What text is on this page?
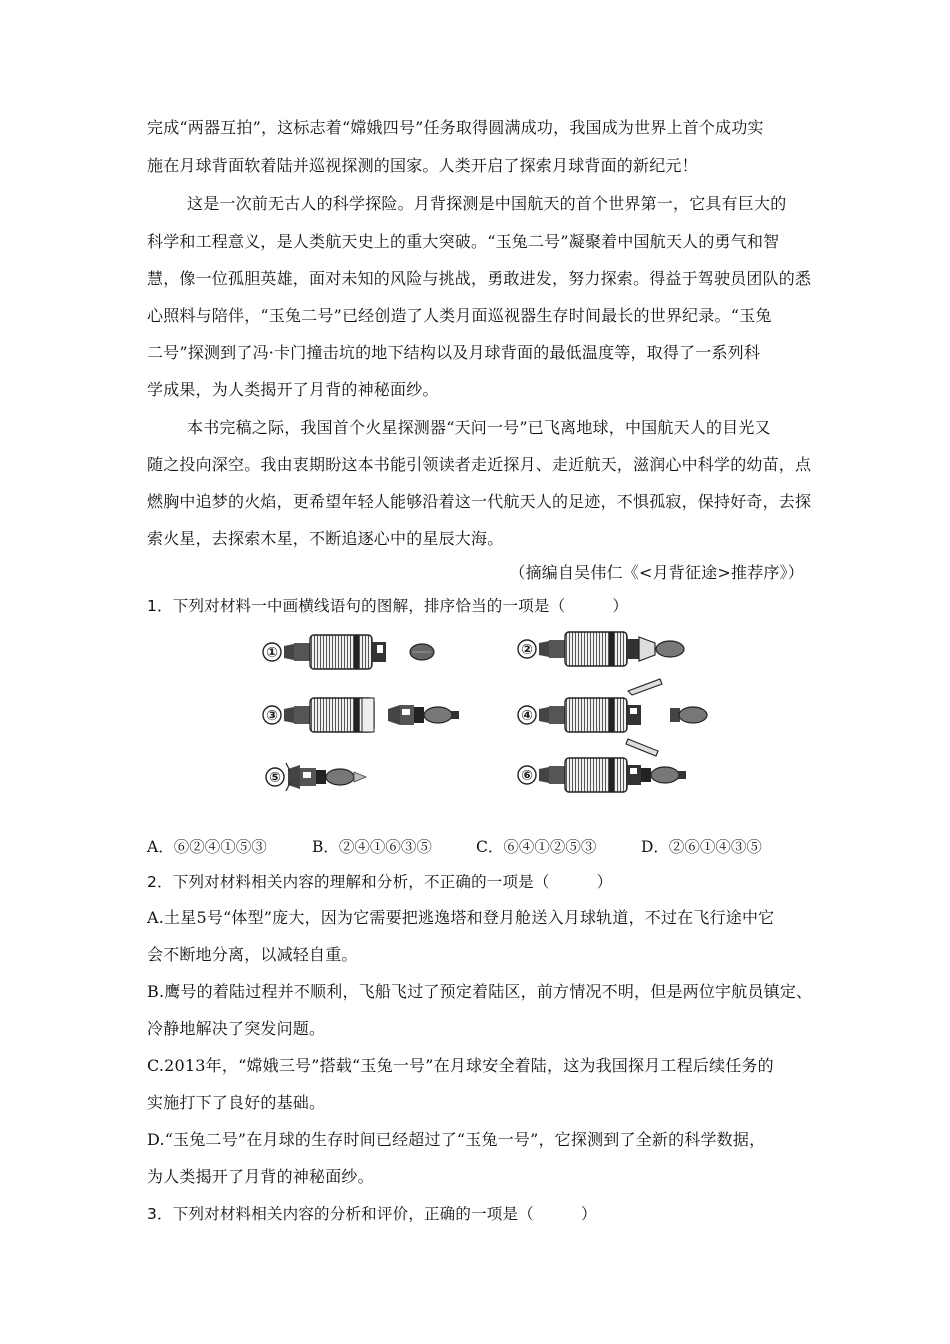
完成“两器互拍”，这标志着“嫦娥四号”任务取得圆满成功，我国成为世界上首个成功实
施在月球背面软着陆并巡视探测的国家。人类开启了探索月球背面的新纪元！
这是一次前无古人的科学探险。月背探测是中国航天的首个世界第一，它具有巨大的
科学和工程意义，是人类航天史上的重大突破。“玉兔二号”凝聚着中国航天人的勇气和智
慧，像一位孤胆英雄，面对未知的风险与挑战，勇敢进发，努力探索。得益于驾驶员团队的悉
心照料与陪伴，“玉兔二号”已经创造了人类月面巡视器生存时间最长的世界纪录。“玉兔
二号”探测到了冯·卡门撞击坑的地下结构以及月球背面的最低温度等，取得了一系列科
学成果，为人类揭开了月背的神秘面纱。
本书完稿之际，我国首个火星探测器“天问一号”已飞离地球，中国航天人的目光又
随之投向深空。我由衷期盼这本书能引领读者走近探月、走近航天，滋润心中科学的幼苗，点
燃胸中追梦的火焰，更希望年轻人能够沿着这一代航天人的足迹，不惧孤寂，保持好奇，去探
索火星，去探索木星，不断追逐心中的星辰大海。
（摘编自吴伟仁《<月背征途>推荐序》）
1．下列对材料一中画横线语句的图解，排序恰当的一项是（　　　）
①	②
③	④
⑤	⑥
A．⑥②④①⑤③	B．②④①⑥③⑤	C．⑥④①②⑤③	D．②⑥①④③⑤
2．下列对材料相关内容的理解和分析，不正确的一项是（　　　）
A.土星5号“体型”庞大，因为它需要把逃逸塔和登月舱送入月球轨道，不过在飞行途中它
会不断地分离，以减轻自重。
B.鹰号的着陆过程并不顺利，飞船飞过了预定着陆区，前方情况不明，但是两位宇航员镇定、
冷静地解决了突发问题。
C.2013年，“嫦娥三号”搭载“玉兔一号”在月球安全着陆，这为我国探月工程后续任务的
实施打下了良好的基础。
D.“玉兔二号”在月球的生存时间已经超过了“玉兔一号”，它探测到了全新的科学数据，
为人类揭开了月背的神秘面纱。
3．下列对材料相关内容的分析和评价，正确的一项是（　　　）
